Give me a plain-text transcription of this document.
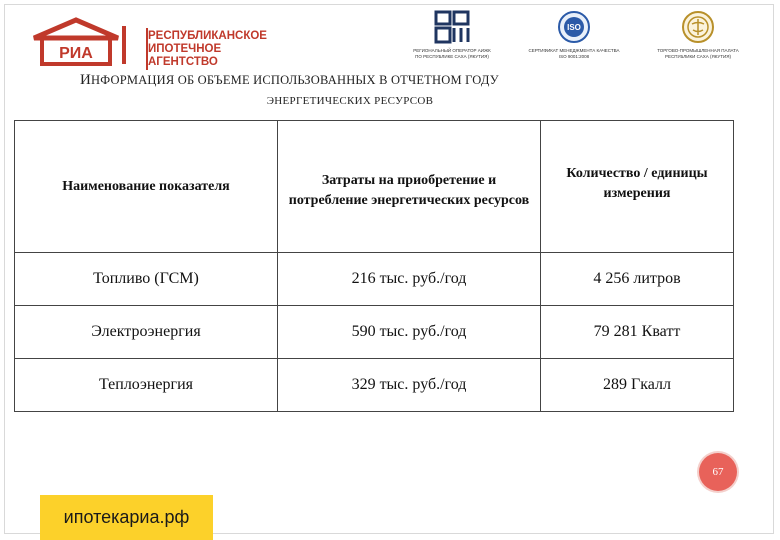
РИА
РЕСПУБЛИКАНСКОЕ
ИПОТЕЧНОЕ
АГЕНТСТВО
РЕГИОНАЛЬНЫЙ ОПЕРАТОР АИЖК
ПО РЕСПУБЛИКЕ САХА (ЯКУТИЯ)
ISO
СЕРТИФИКАТ МЕНЕДЖМЕНТА КАЧЕСТВА
ISO 9001:2008
ТОРГОВО-ПРОМЫШЛЕННАЯ ПАЛАТА
РЕСПУБЛИКИ САХА (ЯКУТИЯ)
ИНФОРМАЦИЯ ОБ ОБЪЕМЕ ИСПОЛЬЗОВАННЫХ В ОТЧЕТНОМ ГОДУ
ЭНЕРГЕТИЧЕСКИХ РЕСУРСОВ
Наименование показателя	Затраты на приобретение и потребление энергетических ресурсов	Количество / единицы измерения
Топливо (ГСМ)	216 тыс. руб./год	4 256 литров
Электроэнергия	590 тыс. руб./год	79 281 Кватт
Теплоэнергия	329 тыс. руб./год	289 Гкалл
67
ипотекариа.рф
